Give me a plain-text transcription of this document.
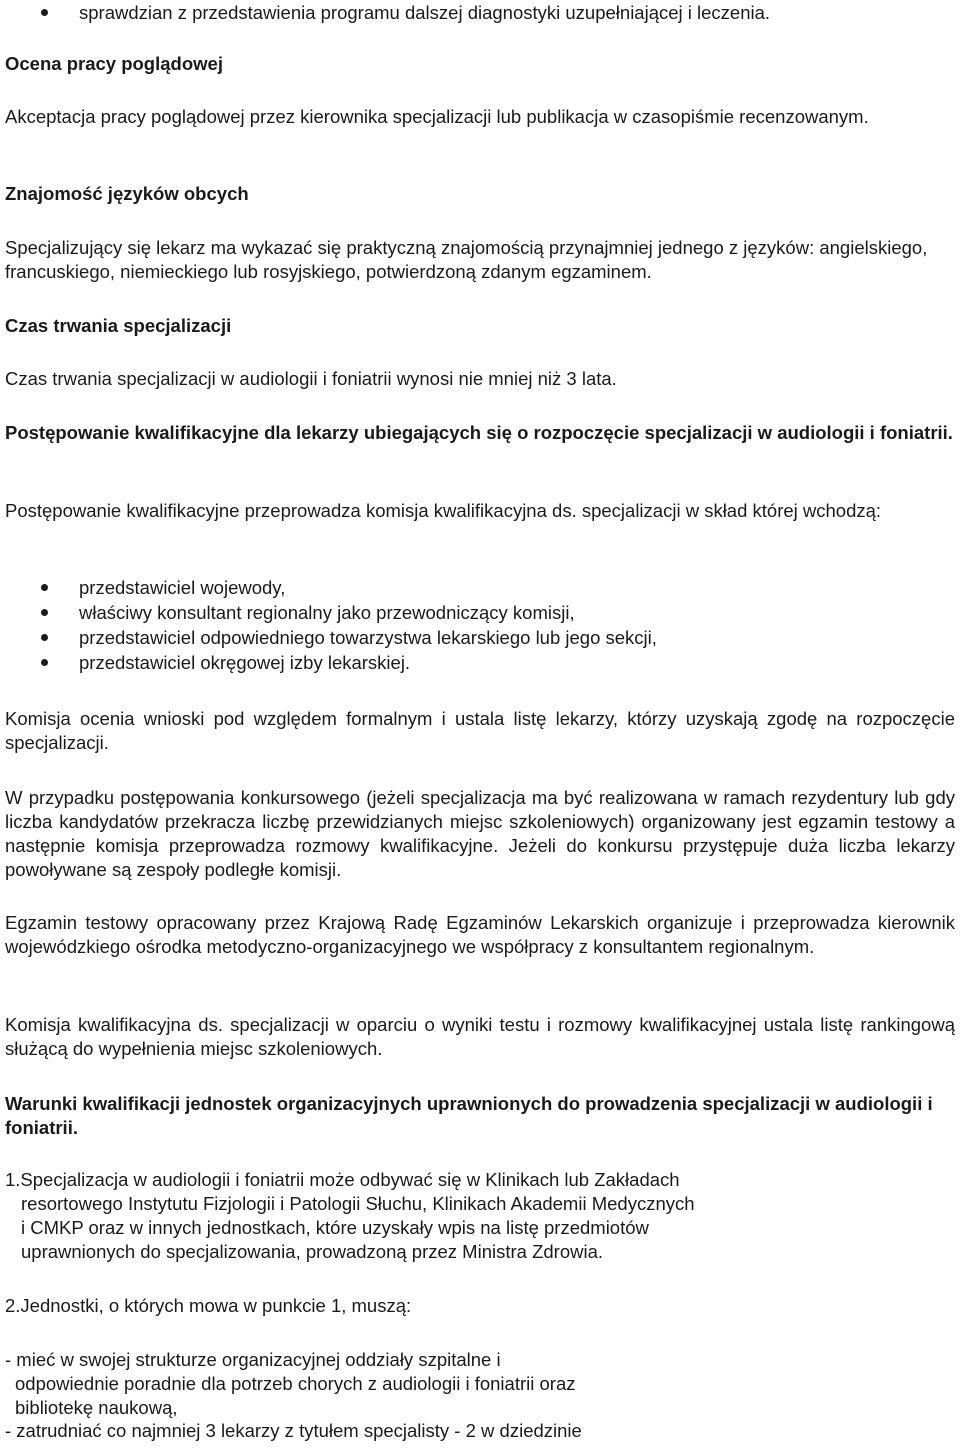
sprawdzian z przedstawienia programu dalszej diagnostyki uzupełniającej i leczenia.

Ocena pracy poglądowej

Akceptacja pracy poglądowej przez kierownika specjalizacji lub publikacja w czasopiśmie recenzowanym.

Znajomość języków obcych

Specjalizujący się lekarz ma wykazać się praktyczną znajomością przynajmniej jednego z języków: angielskiego, francuskiego, niemieckiego lub rosyjskiego, potwierdzoną zdanym egzaminem.

Czas trwania specjalizacji

Czas trwania specjalizacji w audiologii i foniatrii wynosi nie mniej niż 3 lata.

Postępowanie kwalifikacyjne dla lekarzy ubiegających się o rozpoczęcie specjalizacji w audiologii i foniatrii.

Postępowanie kwalifikacyjne przeprowadza komisja kwalifikacyjna ds. specjalizacji w skład której wchodzą:

przedstawiciel wojewody,

właściwy konsultant regionalny jako przewodniczący komisji,

przedstawiciel odpowiedniego towarzystwa lekarskiego lub jego sekcji,

przedstawiciel okręgowej izby lekarskiej.

Komisja ocenia wnioski pod względem formalnym i ustala listę lekarzy, którzy uzyskają zgodę na rozpoczęcie specjalizacji.

W przypadku postępowania konkursowego (jeżeli specjalizacja ma być realizowana w ramach rezydentury lub gdy liczba kandydatów przekracza liczbę przewidzianych miejsc szkoleniowych) organizowany jest egzamin testowy a następnie komisja przeprowadza rozmowy kwalifikacyjne. Jeżeli do konkursu przystępuje duża liczba lekarzy powoływane są zespoły podległe komisji.

Egzamin testowy opracowany przez Krajową Radę Egzaminów Lekarskich organizuje i przeprowadza kierownik wojewódzkiego ośrodka metodyczno-organizacyjnego we współpracy z konsultantem regionalnym.

Komisja kwalifikacyjna ds. specjalizacji w oparciu o wyniki testu i rozmowy kwalifikacyjnej ustala listę rankingową służącą do wypełnienia miejsc szkoleniowych.

Warunki kwalifikacji jednostek organizacyjnych uprawnionych do prowadzenia specjalizacji w audiologii i foniatrii.

1.Specjalizacja w audiologii i foniatrii może odbywać się w Klinikach lub Zakładach
resortowego Instytutu Fizjologii i Patologii Słuchu, Klinikach Akademii Medycznych
i CMKP oraz w innych jednostkach, które uzyskały wpis na listę przedmiotów
uprawnionych do specjalizowania, prowadzoną przez Ministra Zdrowia.

2.Jednostki, o których mowa w punkcie 1, muszą:

- mieć w swojej strukturze organizacyjnej oddziały szpitalne i
odpowiednie poradnie dla potrzeb chorych z audiologii i foniatrii oraz
bibliotekę naukową,

- zatrudniać co najmniej 3 lekarzy z tytułem specjalisty - 2 w dziedzinie
